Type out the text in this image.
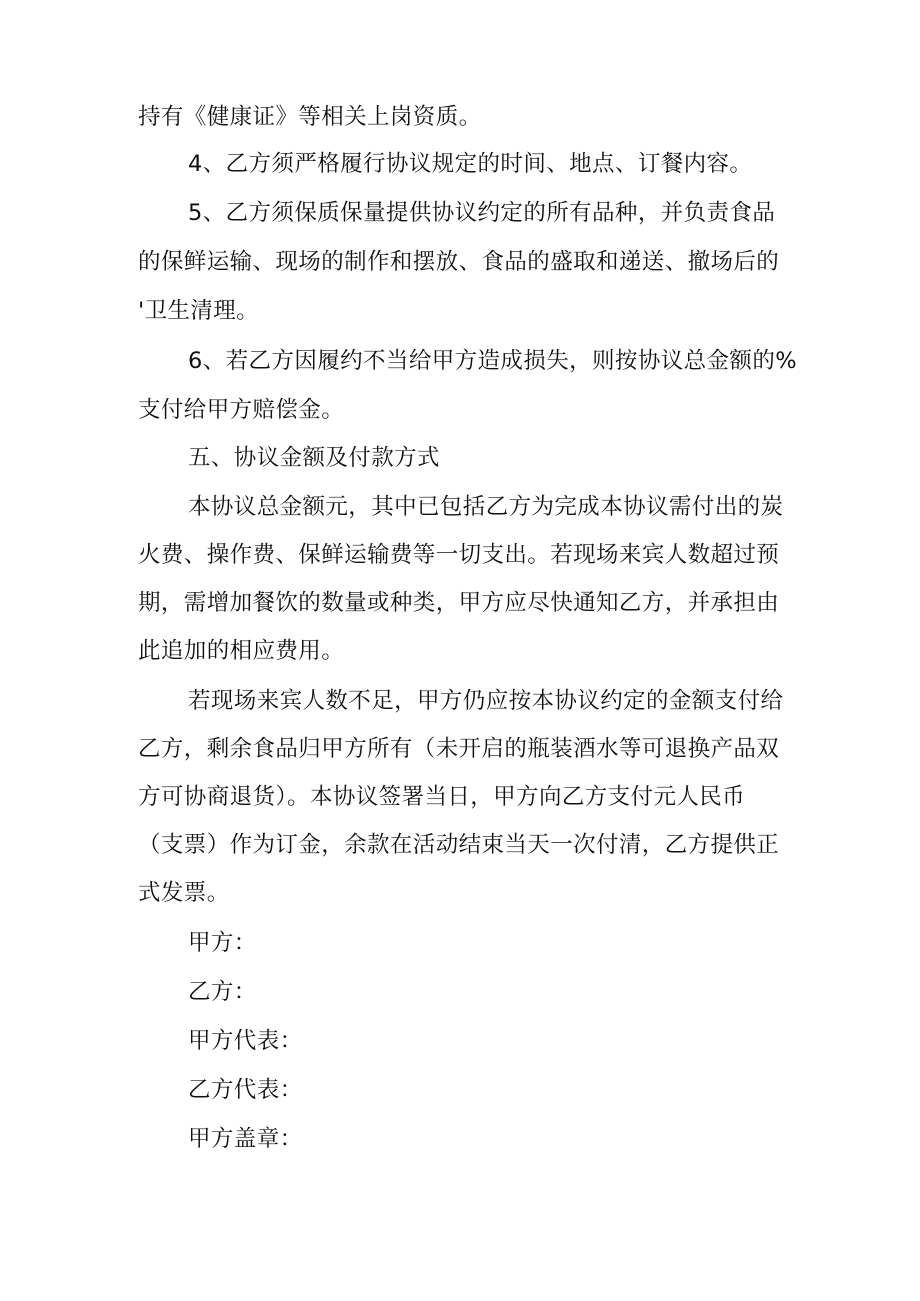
持有《健康证》等相关上岗资质。
4、乙方须严格履行协议规定的时间、地点、订餐内容。
5、乙方须保质保量提供协议约定的所有品种，并负责食品
的保鲜运输、现场的制作和摆放、食品的盛取和递送、撤场后的
'卫生清理。
6、若乙方因履约不当给甲方造成损失，则按协议总金额的%
支付给甲方赔偿金。
五、协议金额及付款方式
本协议总金额元，其中已包括乙方为完成本协议需付出的炭
火费、操作费、保鲜运输费等一切支出。若现场来宾人数超过预
期，需增加餐饮的数量或种类，甲方应尽快通知乙方，并承担由
此追加的相应费用。
若现场来宾人数不足，甲方仍应按本协议约定的金额支付给
乙方，剩余食品归甲方所有（未开启的瓶装酒水等可退换产品双
方可协商退货）。本协议签署当日，甲方向乙方支付元人民币
（支票）作为订金，余款在活动结束当天一次付清，乙方提供正
式发票。
甲方：
乙方：
甲方代表：
乙方代表：
甲方盖章：
